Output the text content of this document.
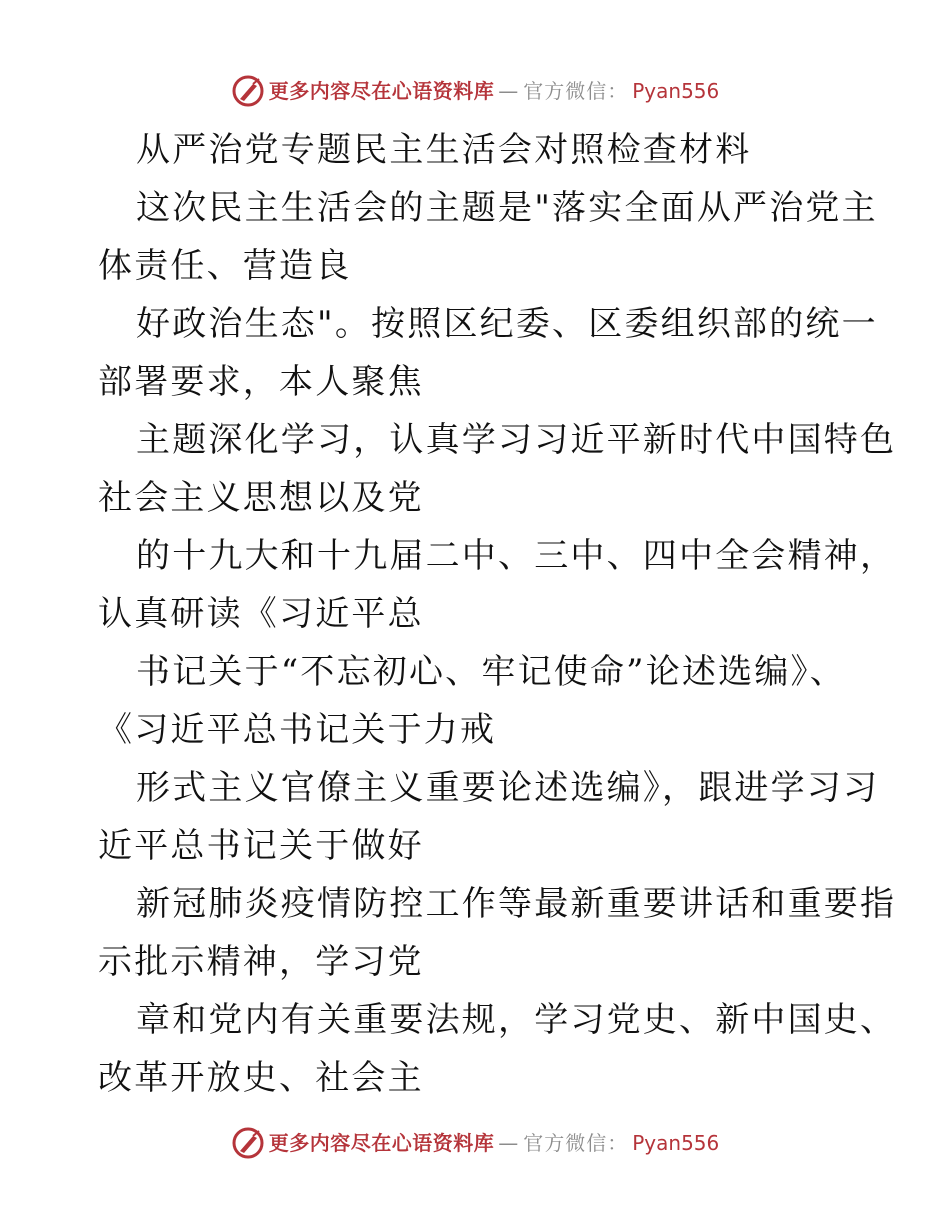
更多内容尽在心语资料库 — 官方微信： Pyan556
从严治党专题民主生活会对照检查材料
这次民主生活会的主题是"落实全面从严治党主
体责任、营造良
好政治生态"。按照区纪委、区委组织部的统一
部署要求，本人聚焦
主题深化学习，认真学习习近平新时代中国特色
社会主义思想以及党
的十九大和十九届二中、三中、四中全会精神，
认真研读《习近平总
书记关于“不忘初心、牢记使命”论述选编》、
《习近平总书记关于力戒
形式主义官僚主义重要论述选编》，跟进学习习
近平总书记关于做好
新冠肺炎疫情防控工作等最新重要讲话和重要指
示批示精神，学习党
章和党内有关重要法规，学习党史、新中国史、
改革开放史、社会主
更多内容尽在心语资料库 — 官方微信： Pyan556
